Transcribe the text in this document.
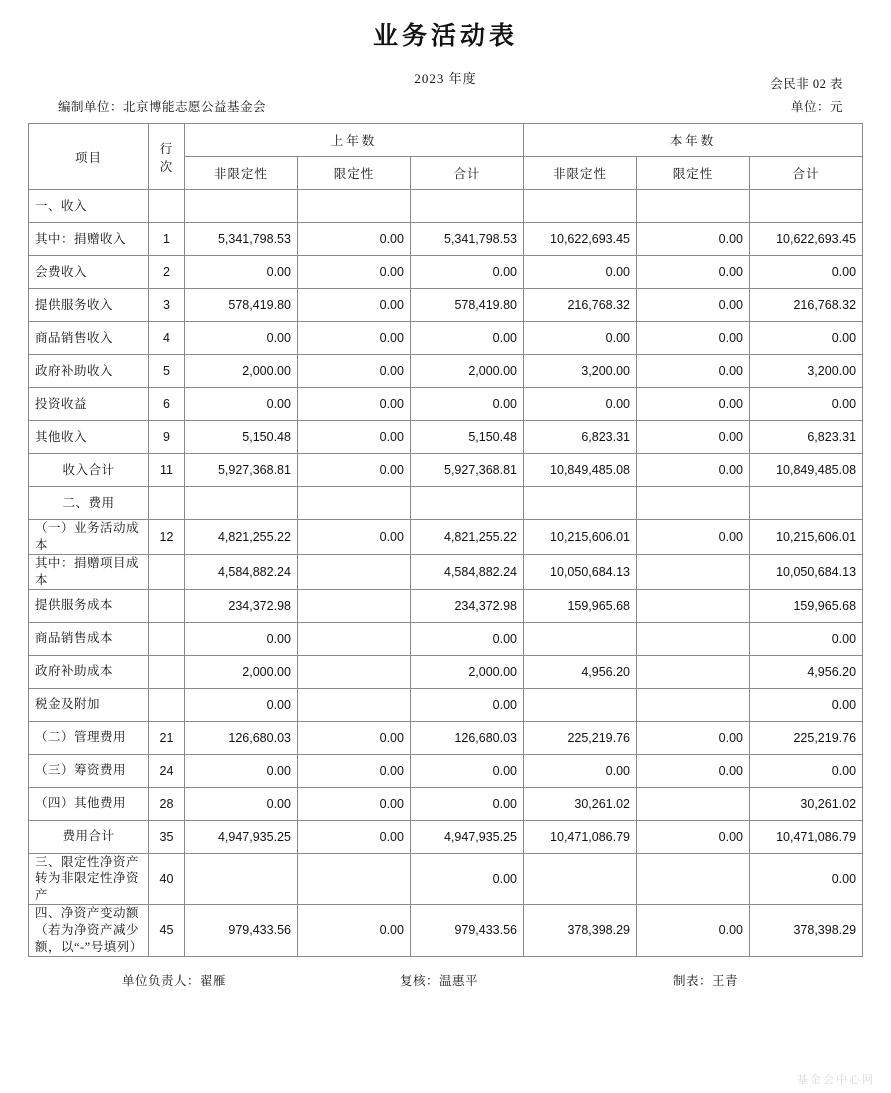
业务活动表
2023 年度	会民非 02 表
编制单位：北京博能志愿公益基金会	单位：元
项目	行次	上年数			本年数		
		非限定性	限定性	合计	非限定性	限定性	合计
一、收入							
其中：捐赠收入	1	5,341,798.53	0.00	5,341,798.53	10,622,693.45	0.00	10,622,693.45
会费收入	2	0.00	0.00	0.00	0.00	0.00	0.00
提供服务收入	3	578,419.80	0.00	578,419.80	216,768.32	0.00	216,768.32
商品销售收入	4	0.00	0.00	0.00	0.00	0.00	0.00
政府补助收入	5	2,000.00	0.00	2,000.00	3,200.00	0.00	3,200.00
投资收益	6	0.00	0.00	0.00	0.00	0.00	0.00
其他收入	9	5,150.48	0.00	5,150.48	6,823.31	0.00	6,823.31
收入合计	11	5,927,368.81	0.00	5,927,368.81	10,849,485.08	0.00	10,849,485.08
二、费用							
（一）业务活动成本	12	4,821,255.22	0.00	4,821,255.22	10,215,606.01	0.00	10,215,606.01
其中：捐赠项目成本		4,584,882.24		4,584,882.24	10,050,684.13		10,050,684.13
提供服务成本		234,372.98		234,372.98	159,965.68		159,965.68
商品销售成本		0.00		0.00			0.00
政府补助成本		2,000.00		2,000.00	4,956.20		4,956.20
税金及附加		0.00		0.00			0.00
（二）管理费用	21	126,680.03	0.00	126,680.03	225,219.76	0.00	225,219.76
（三）筹资费用	24	0.00	0.00	0.00	0.00	0.00	0.00
（四）其他费用	28	0.00	0.00	0.00	30,261.02		30,261.02
费用合计	35	4,947,935.25	0.00	4,947,935.25	10,471,086.79	0.00	10,471,086.79
三、限定性净资产转为非限定性净资产	40			0.00			0.00
四、净资产变动额（若为净资产减少额，以“-”号填列）	45	979,433.56	0.00	979,433.56	378,398.29	0.00	378,398.29
单位负责人：翟雁	复核：温惠平	制表：王青
基金会中心网
